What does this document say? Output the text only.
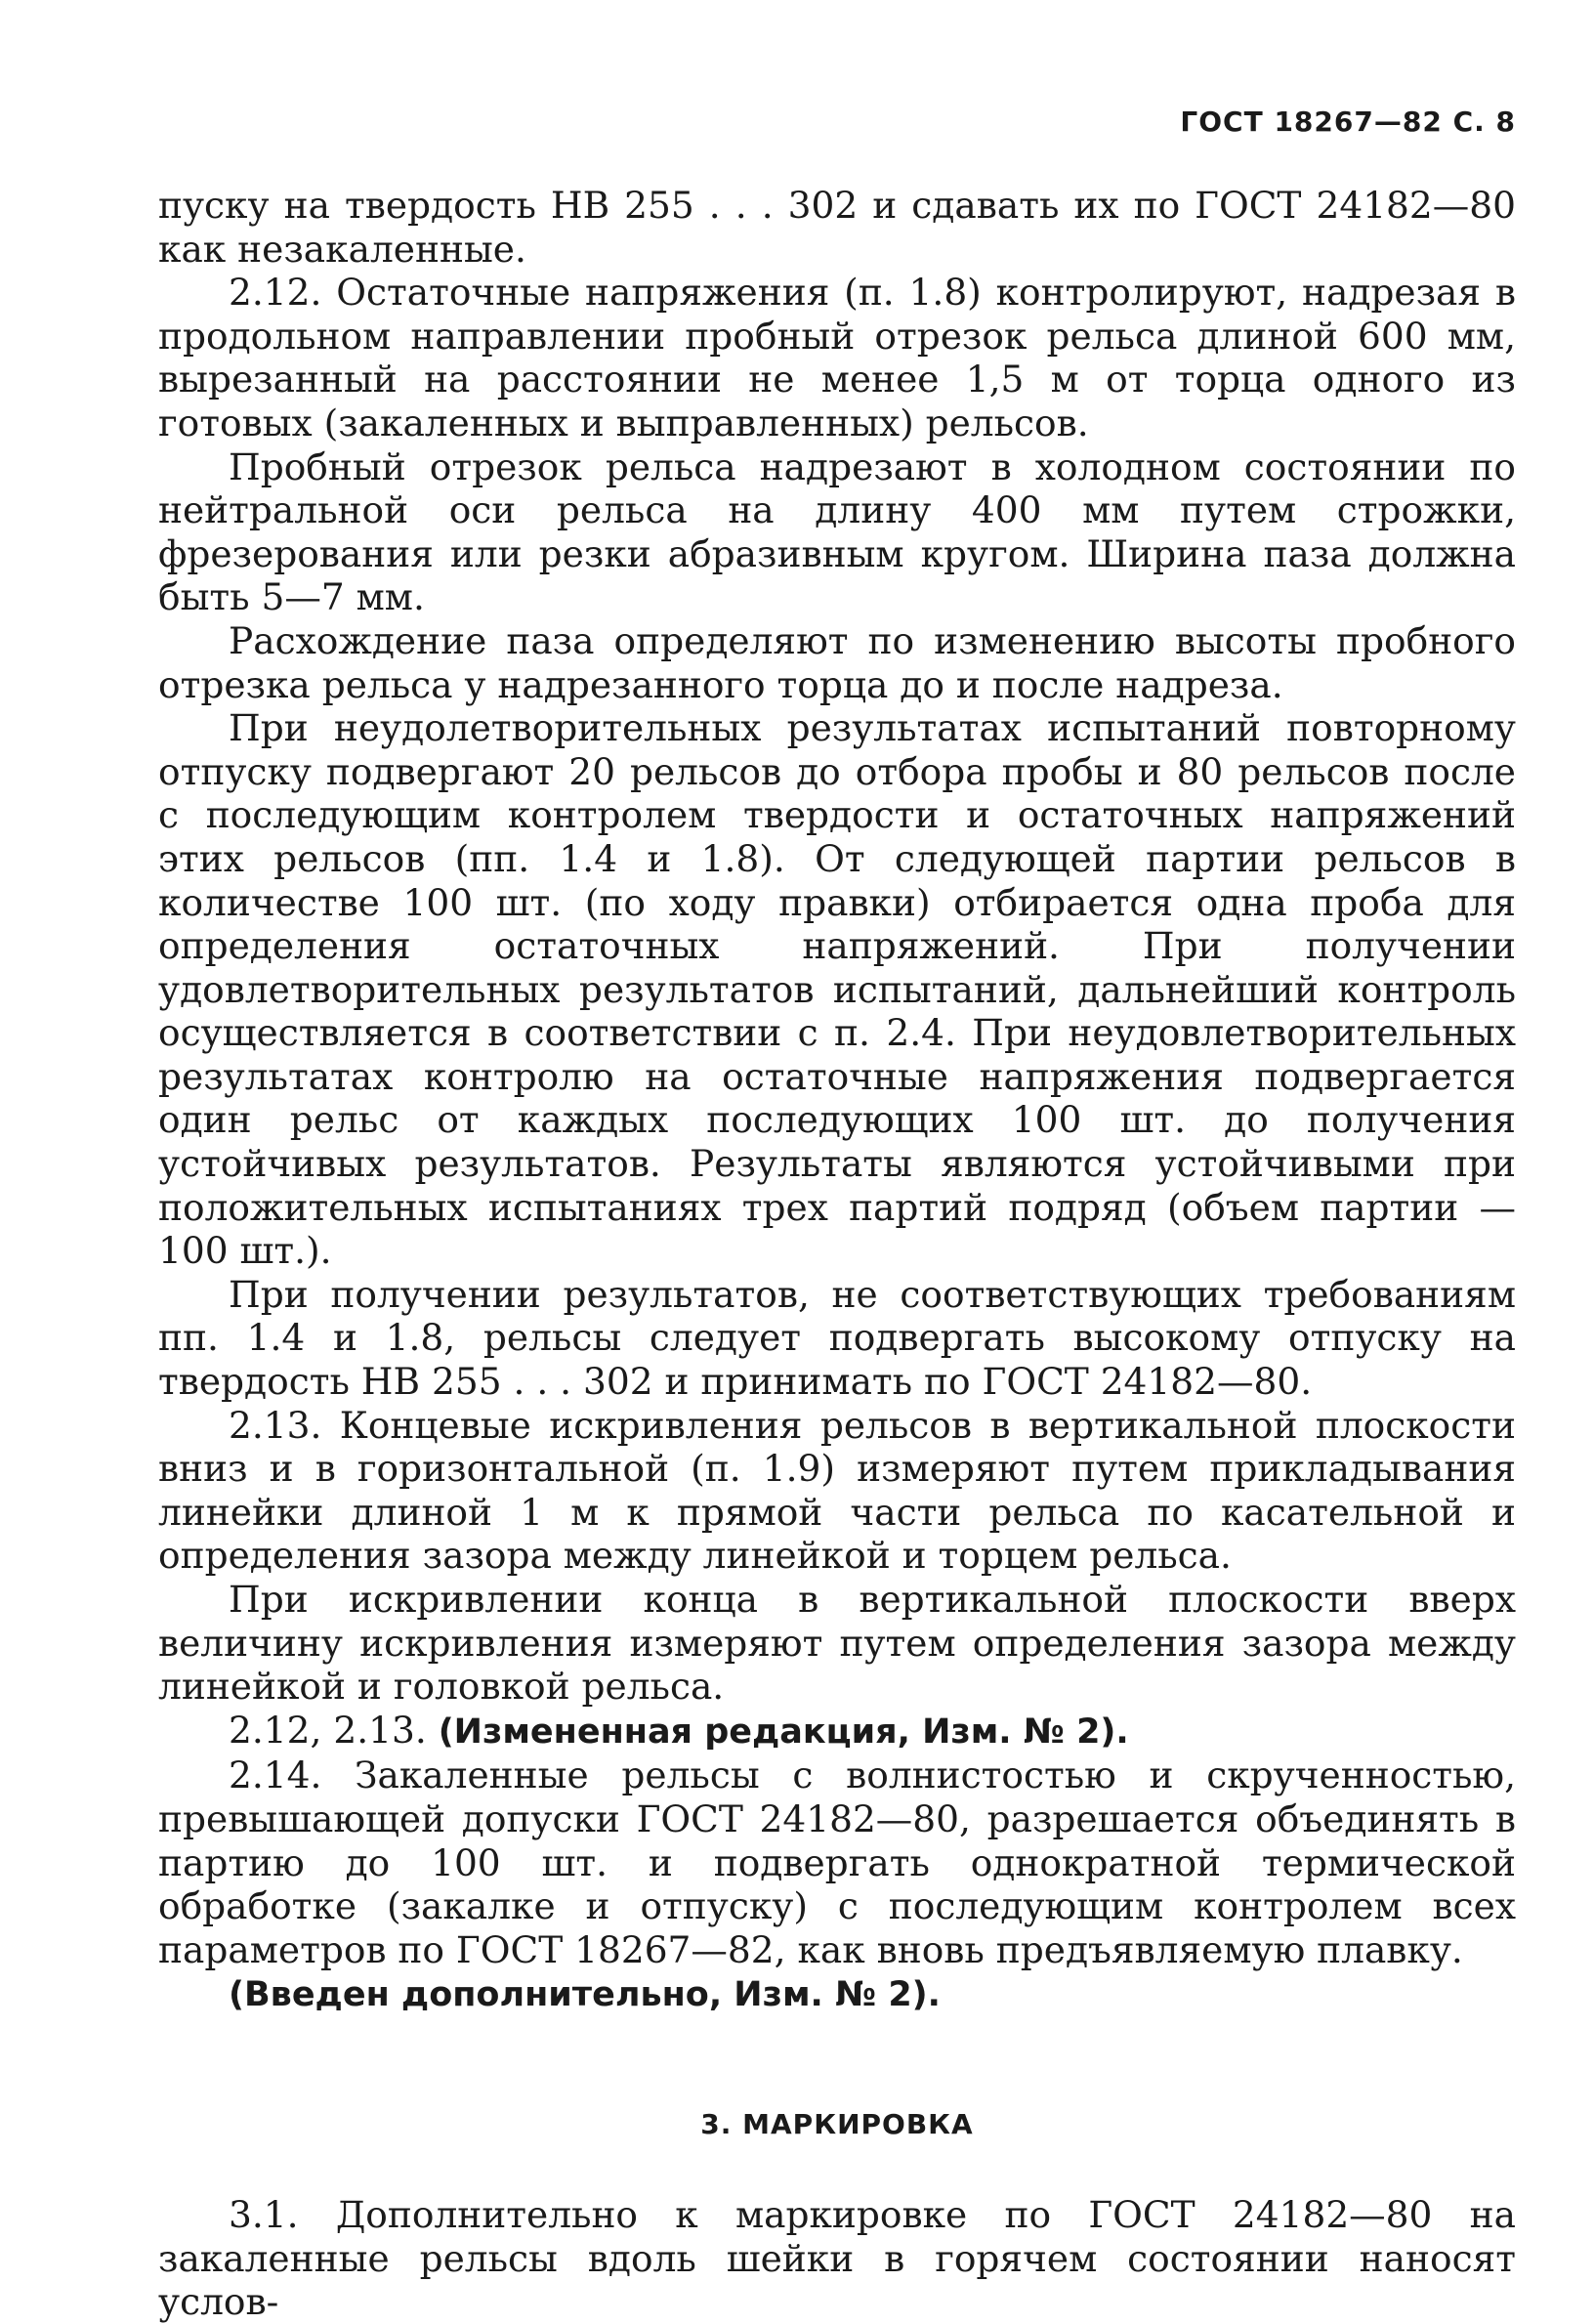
ГОСТ 18267—82 С. 8

пуску на твердость НВ 255 . . . 302 и сдавать их по ГОСТ 24182—80 как незакаленные.

2.12. Остаточные напряжения (п. 1.8) контролируют, надрезая в продольном направлении пробный отрезок рельса длиной 600 мм, вырезанный на расстоянии не менее 1,5 м от торца одного из готовых (закаленных и выправленных) рельсов.

Пробный отрезок рельса надрезают в холодном состоянии по нейтральной оси рельса на длину 400 мм путем строжки, фрезерования или резки абразивным кругом. Ширина паза должна быть 5—7 мм.

Расхождение паза определяют по изменению высоты пробного отрезка рельса у надрезанного торца до и после надреза.

При неудолетворительных результатах испытаний повторному отпуску подвергают 20 рельсов до отбора пробы и 80 рельсов после с последующим контролем твердости и остаточных напряжений этих рельсов (пп. 1.4 и 1.8). От следующей партии рельсов в количестве 100 шт. (по ходу правки) отбирается одна проба для определения остаточных напряжений. При получении удовлетворительных результатов испытаний, дальнейший контроль осуществляется в соответствии с п. 2.4. При неудовлетворительных результатах контролю на остаточные напряжения подвергается один рельс от каждых последующих 100 шт. до получения устойчивых результатов. Результаты являются устойчивыми при положительных испытаниях трех партий подряд (объем партии — 100 шт.).

При получении результатов, не соответствующих требованиям пп. 1.4 и 1.8, рельсы следует подвергать высокому отпуску на твердость НВ 255 . . . 302 и принимать по ГОСТ 24182—80.

2.13. Концевые искривления рельсов в вертикальной плоскости вниз и в горизонтальной (п. 1.9) измеряют путем прикладывания линейки длиной 1 м к прямой части рельса по касательной и определения зазора между линейкой и торцем рельса.

При искривлении конца в вертикальной плоскости вверх величину искривления измеряют путем определения зазора между линейкой и головкой рельса.

2.12, 2.13. (Измененная редакция, Изм. № 2).

2.14. Закаленные рельсы с волнистостью и скрученностью, превышающей допуски ГОСТ 24182—80, разрешается объединять в партию до 100 шт. и подвергать однократной термической обработке (закалке и отпуску) с последующим контролем всех параметров по ГОСТ 18267—82, как вновь предъявляемую плавку.

(Введен дополнительно, Изм. № 2).

3. МАРКИРОВКА

3.1. Дополнительно к маркировке по ГОСТ 24182—80 на закаленные рельсы вдоль шейки в горячем состоянии наносят услов-
